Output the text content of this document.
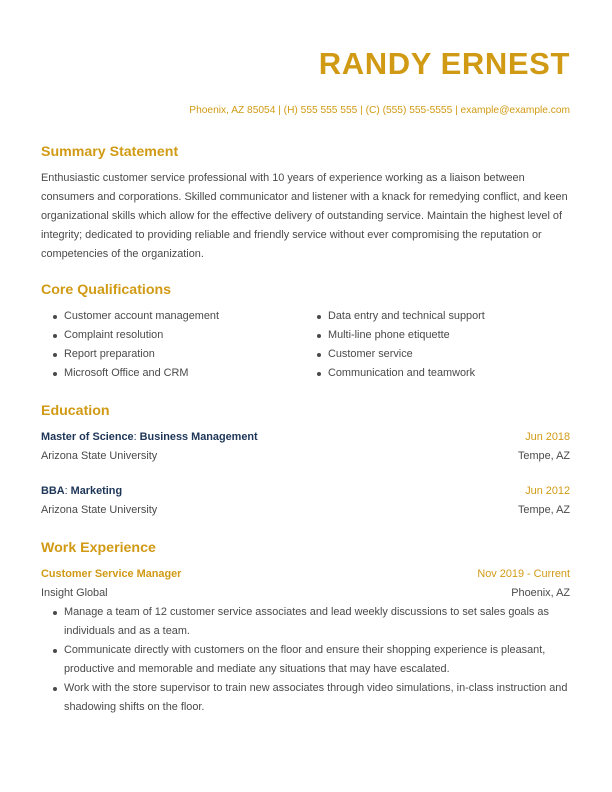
RANDY ERNEST
Phoenix, AZ 85054 | (H) 555 555 555 | (C) (555) 555-5555 | example@example.com
Summary Statement
Enthusiastic customer service professional with 10 years of experience working as a liaison between consumers and corporations. Skilled communicator and listener with a knack for remedying conflict, and keen organizational skills which allow for the effective delivery of outstanding service. Maintain the highest level of integrity; dedicated to providing reliable and friendly service without ever compromising the reputation or competencies of the organization.
Core Qualifications
Customer account management
Complaint resolution
Report preparation
Microsoft Office and CRM
Data entry and technical support
Multi-line phone etiquette
Customer service
Communication and teamwork
Education
Master of Science: Business Management	Jun 2018
Arizona State University	Tempe, AZ
BBA: Marketing	Jun 2012
Arizona State University	Tempe, AZ
Work Experience
Customer Service Manager	Nov 2019 - Current
Insight Global	Phoenix, AZ
Manage a team of 12 customer service associates and lead weekly discussions to set sales goals as individuals and as a team.
Communicate directly with customers on the floor and ensure their shopping experience is pleasant, productive and memorable and mediate any situations that may have escalated.
Work with the store supervisor to train new associates through video simulations, in-class instruction and shadowing shifts on the floor.
